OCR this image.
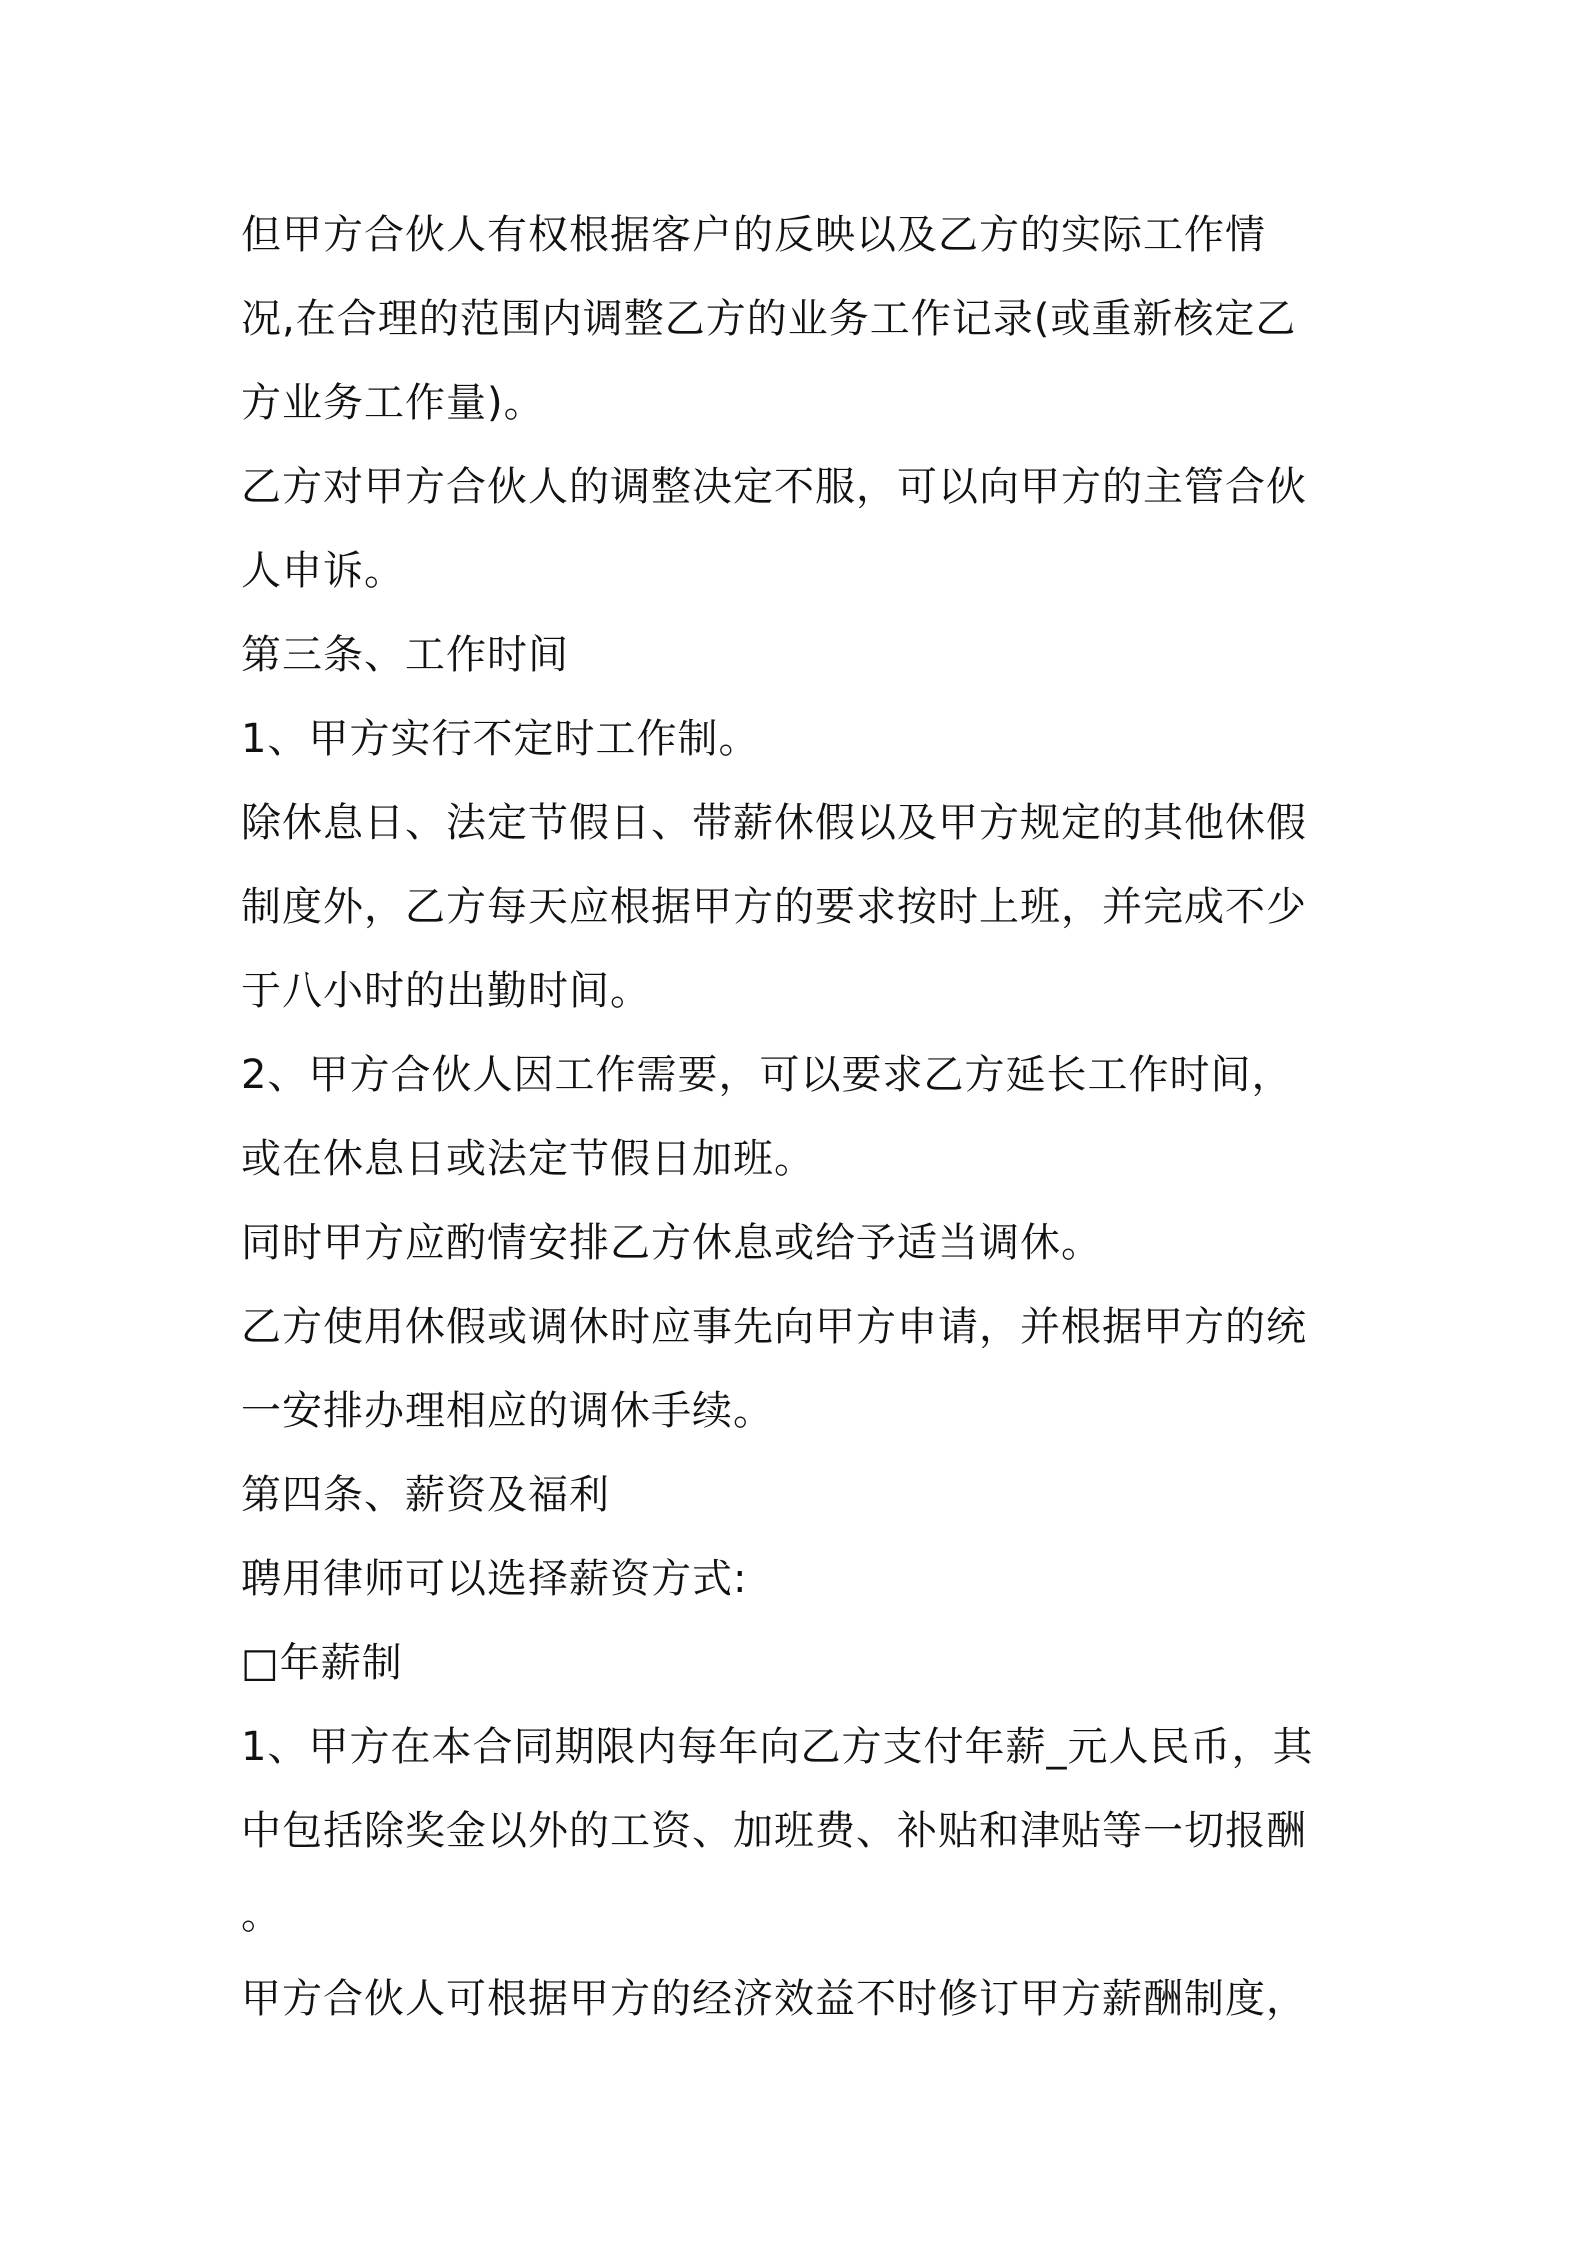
但甲方合伙人有权根据客户的反映以及乙方的实际工作情
况,在合理的范围内调整乙方的业务工作记录(或重新核定乙
方业务工作量)。
乙方对甲方合伙人的调整决定不服，可以向甲方的主管合伙
人申诉。
第三条、工作时间
1、甲方实行不定时工作制。
除休息日、法定节假日、带薪休假以及甲方规定的其他休假
制度外，乙方每天应根据甲方的要求按时上班，并完成不少
于八小时的出勤时间。
2、甲方合伙人因工作需要，可以要求乙方延长工作时间，
或在休息日或法定节假日加班。
同时甲方应酌情安排乙方休息或给予适当调休。
乙方使用休假或调休时应事先向甲方申请，并根据甲方的统
一安排办理相应的调休手续。
第四条、薪资及福利
聘用律师可以选择薪资方式:
□年薪制
1、甲方在本合同期限内每年向乙方支付年薪_元人民币，其
中包括除奖金以外的工资、加班费、补贴和津贴等一切报酬
。
甲方合伙人可根据甲方的经济效益不时修订甲方薪酬制度，
